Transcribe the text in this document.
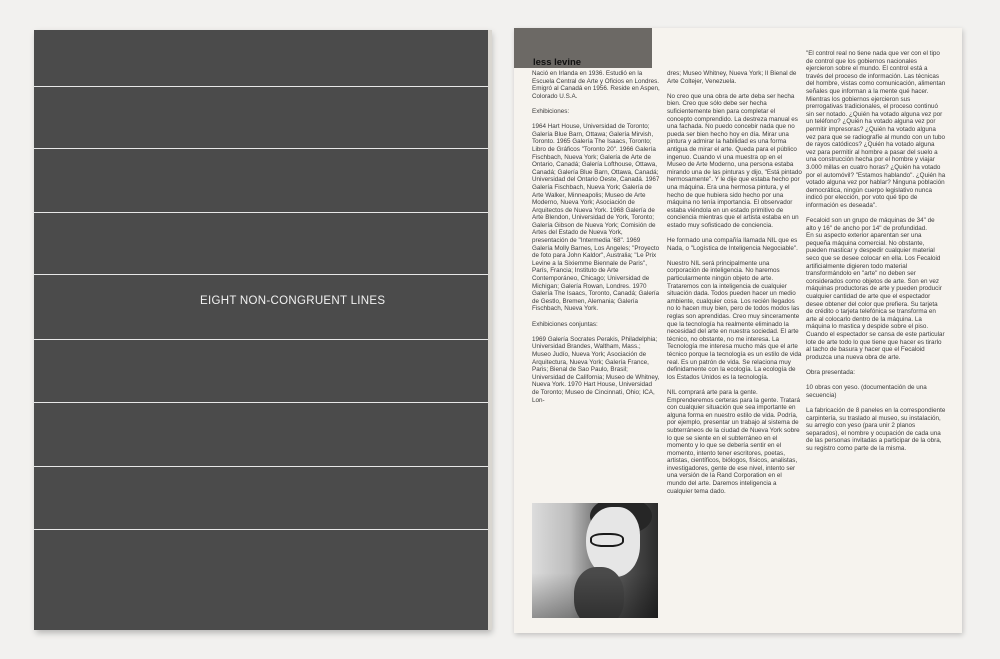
EIGHT NON-CONGRUENT LINES
less levine
Nació en Irlanda en 1936. Estudió en la Escuela Central de Arte y Oficios en Londres. Emigró al Canadá en 1956. Reside en Aspen, Colorado U.S.A.

Exhibiciones:

1964 Hart House, Universidad de Toronto; Galería Blue Barn, Ottawa; Galería Mirvish, Toronto. 1965 Galería The Isaacs, Toronto; Libro de Gráficos "Toronto 20". 1966 Galería Fischbach, Nueva York; Galería de Arte de Ontario, Canadá; Galería Lofthouse, Ottawa, Canadá; Galería Blue Barn, Ottawa, Canadá; Universidad del Ontario Oeste, Canadá. 1967 Galería Fischbach, Nueva York; Galería de Arte Walker, Minneapolis; Museo de Arte Moderno, Nueva York; Asociación de Arquitectos de Nueva York. 1968 Galería de Arte Blendon, Universidad de York, Toronto; Galería Gibson de Nueva York; Comisión de Artes del Estado de Nueva York, presentación de "Intermedia '68". 1969 Galería Molly Barnes, Los Angeles; "Proyecto de foto para John Kaldor", Australia; "Le Prix Levine a la Sixiemme Biennale de Paris", París, Francia; Instituto de Arte Contemporáneo, Chicago; Universidad de Michigan; Galería Rowan, Londres. 1970 Galería The Isaacs, Toronto, Canadá; Galería de Gestlo, Bremen, Alemania; Galería Fischbach, Nueva York.

Exhibiciones conjuntas:

1969 Galería Socrates Perakis, Philadelphia; Universidad Brandes, Waltham, Mass.; Museo Judío, Nueva York; Asociación de Arquitectura, Nueva York; Galería France, Paris; Bienal de Sao Paulo, Brasil; Universidad de California; Museo de Whitney, Nueva York. 1970 Hart House, Universidad de Toronto; Museo de Cincinnati, Ohio; ICA, Lon-
dres; Museo Whitney, Nueva York; II Bienal de Arte Coltejer, Venezuela.

No creo que una obra de arte deba ser hecha bien. Creo que sólo debe ser hecha suficientemente bien para completar el concepto comprendido. La destreza manual es una fachada. No puedo concebir nada que no pueda ser bien hecho hoy en día. Mirar una pintura y admirar la habilidad es una forma antigua de mirar el arte. Queda para el público ingenuo. Cuando vi una muestra op en el Museo de Arte Moderno, una persona estaba mirando una de las pinturas y dijo, "Está pintado hermosamente". Y le dije que estaba hecho por una máquina. Era una hermosa pintura, y el hecho de que hubiera sido hecho por una máquina no tenía importancia. El observador estaba viéndola en un estado primitivo de conciencia mientras que el artista estaba en un estado muy sofisticado de conciencia.

He formado una compañía llamada NIL que es Nada, o "Logística de Inteligencia Negociable".

Nuestro NIL será principalmente una corporación de inteligencia. No haremos particularmente ningún objeto de arte. Trataremos con la inteligencia de cualquier situación dada. Todos pueden hacer un medio ambiente, cualquier cosa. Los recién llegados no lo hacen muy bien, pero de todos modos las reglas son aprendidas. Creo muy sinceramente que la tecnología ha realmente eliminado la necesidad del arte en nuestra sociedad. El arte técnico, no obstante, no me interesa. La Tecnología me interesa mucho más que el arte técnico porque la tecnología es un estilo de vida real. Es un patrón de vida. Se relaciona muy definidamente con la ecología. La ecología de los Estados Unidos es la tecnología.

NIL comprará arte para la gente. Emprenderemos certeras para la gente. Tratará con cualquier situación que sea importante en alguna forma en nuestro estilo de vida. Podría, por ejemplo, presentar un trabajo al sistema de subterráneos de la ciudad de Nueva York sobre lo que se siente en el subterráneo en el momento y lo que se debería sentir en el momento, intento tener escritores, poetas, artistas, científicos, biólogos, físicos, analistas, investigadores, gente de ese nivel, intento ser una versión de la Rand Corporation en el mundo del arte. Daremos inteligencia a cualquier tema dado.
"El control real no tiene nada que ver con el tipo de control que los gobiernos nacionales ejercieron sobre el mundo. El control está a través del proceso de información. Las técnicas del hombre, vistas como comunicación, alimentan señales que informan a la mente qué hacer. Mientras los gobiernos ejercieron sus prerrogativas tradicionales, el proceso continuó sin ser notado. ¿Quién ha votado alguna vez por un teléfono? ¿Quién ha votado alguna vez por permitir impresoras? ¿Quién ha votado alguna vez para que se radiografíe al mundo con un tubo de rayos catódicos? ¿Quién ha votado alguna vez para permitir al hombre a pasar del suelo a una construcción hecha por el hombre y viajar 3.000 millas en cuatro horas? ¿Quién ha votado por el automóvil? "Estamos hablando". ¿Quién ha votado alguna vez por hablar? Ninguna población democrática, ningún cuerpo legislativo nunca indicó por elección, por voto qué tipo de información es deseada".

Fecaloid son un grupo de máquinas de 34" de alto y 16" de ancho por 14" de profundidad.
En su aspecto exterior aparentan ser una pequeña máquina comercial. No obstante, pueden masticar y despedir cualquier material seco que se desee colocar en ella. Los Fecaloid artificialmente digieren todo material transformándolo en "arte" no deben ser considerados como objetos de arte. Son en vez máquinas productoras de arte y pueden producir cualquier cantidad de arte que el espectador desee obtener del color que prefiera. Su tarjeta de crédito o tarjeta telefónica se transforma en arte al colocarlo dentro de la máquina. La máquina lo mastica y despide sobre el piso. Cuando el espectador se cansa de este particular lote de arte todo lo que tiene que hacer es tirarlo al tacho de basura y hacer que el Fecaloid produzca una nueva obra de arte.

Obra presentada:

10 obras con yeso. (documentación de una secuencia)

La fabricación de 8 paneles en la correspondiente carpintería, su traslado al museo, su instalación, su arreglo con yeso (para unir 2 planos separados), el nombre y ocupación de cada una de las personas invitadas a participar de la obra, su registro como parte de la misma.
